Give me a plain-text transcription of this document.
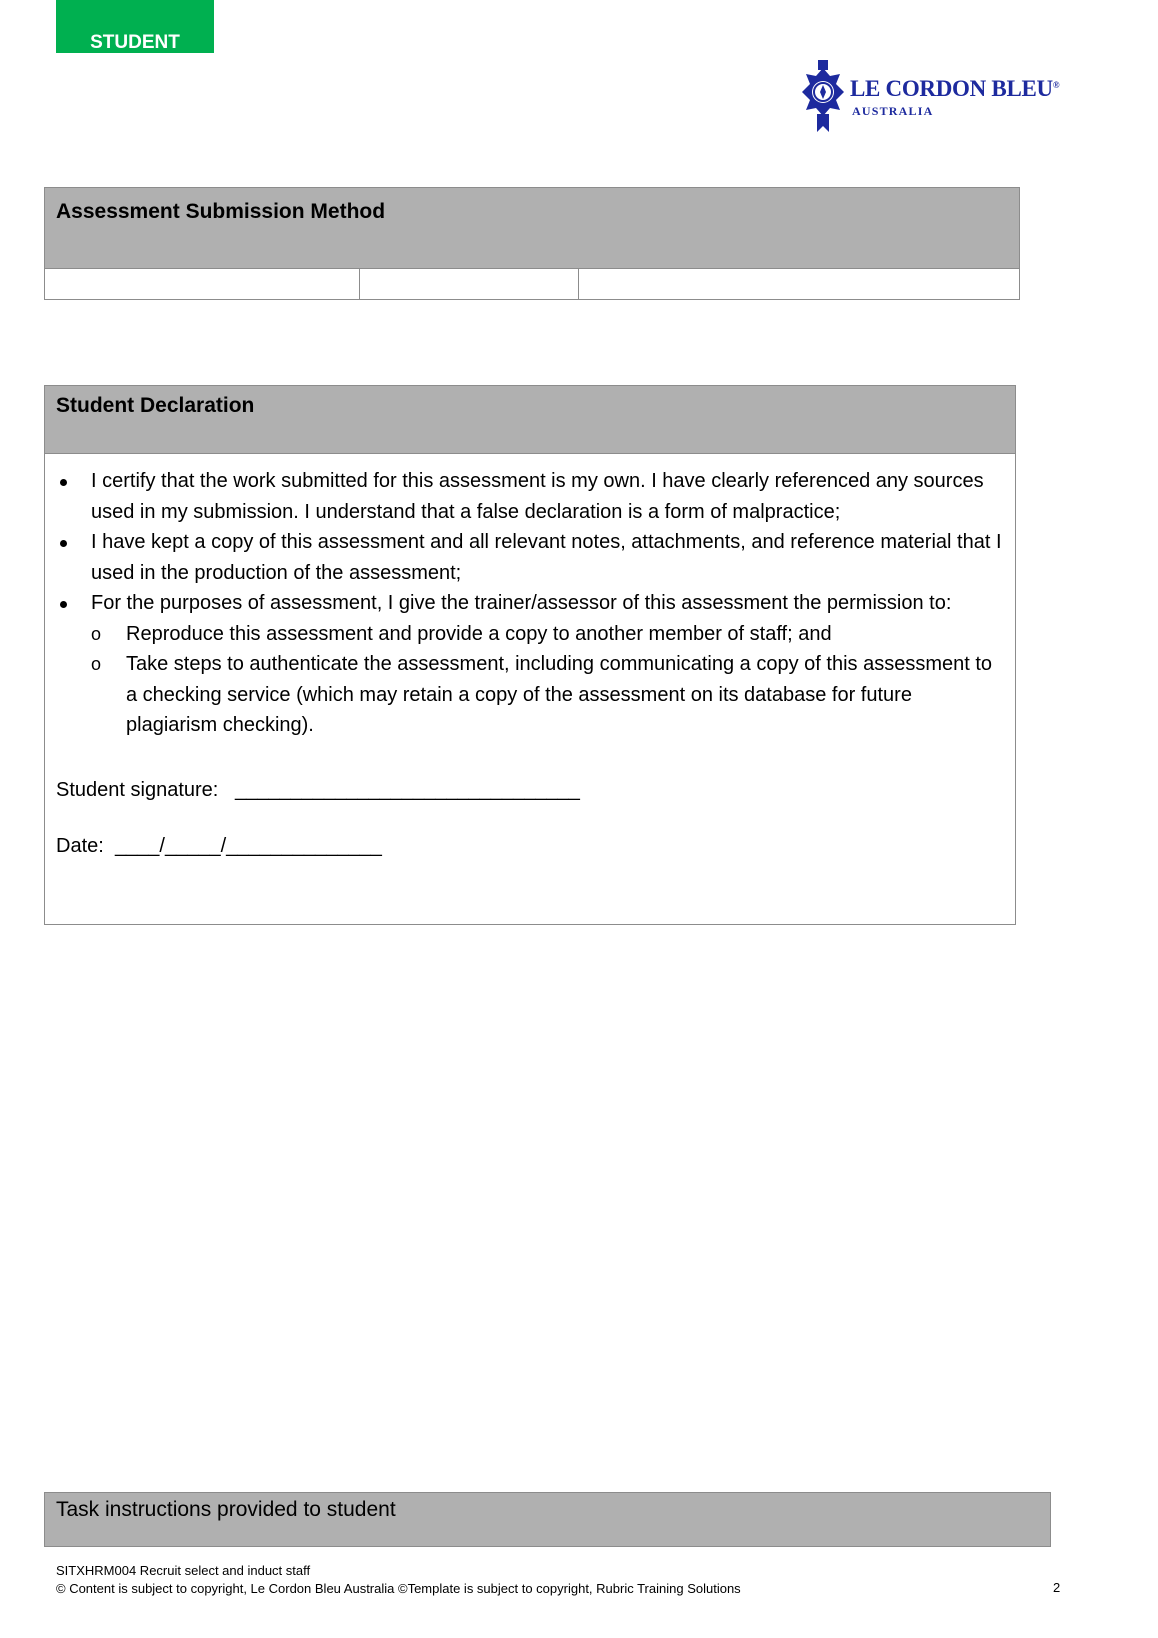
STUDENT
LE CORDON BLEU®
AUSTRALIA
Assessment Submission Method
Student Declaration
I certify that the work submitted for this assessment is my own. I have clearly referenced any sources used in my submission. I understand that a false declaration is a form of malpractice;
I have kept a copy of this assessment and all relevant notes, attachments, and reference material that I used in the production of the assessment;
For the purposes of assessment, I give the trainer/assessor of this assessment the permission to:
o Reproduce this assessment and provide a copy to another member of staff; and
o Take steps to authenticate the assessment, including communicating a copy of this assessment to a checking service (which may retain a copy of the assessment on its database for future plagiarism checking).
Student signature: _______________________________
Date: ____/_____/______________
Task instructions provided to student
SITXHRM004 Recruit select and induct staff
© Content is subject to copyright, Le Cordon Bleu Australia ©Template is subject to copyright, Rubric Training Solutions	2
